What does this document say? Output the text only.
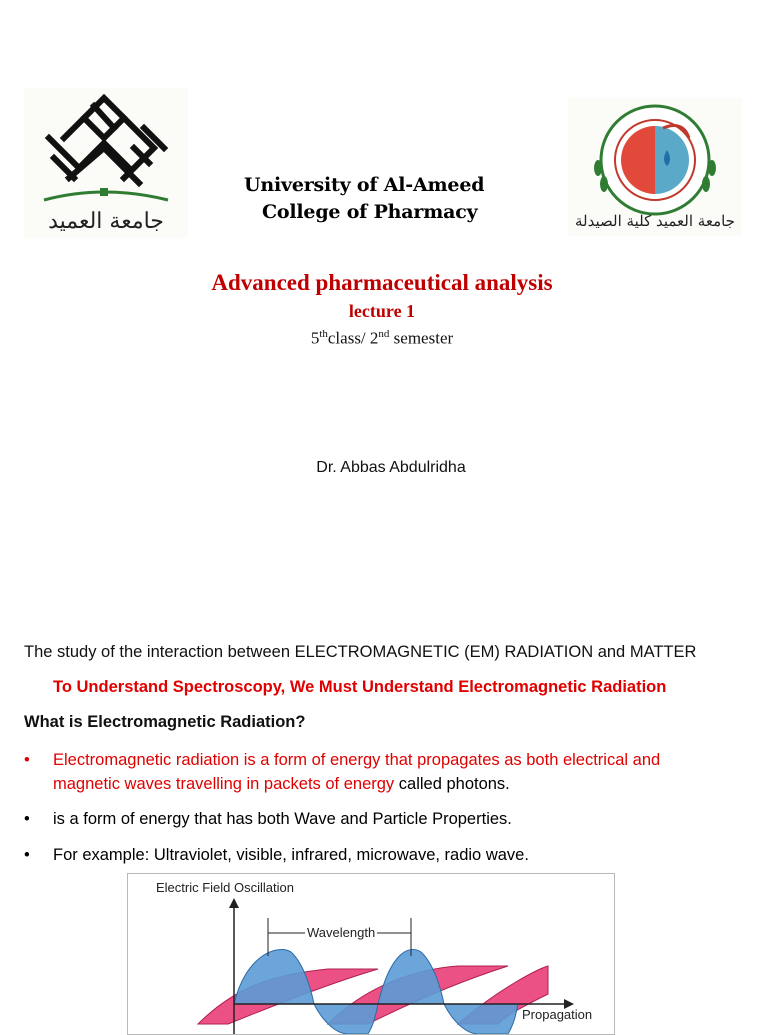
جامعة العميد	جامعة العميد كلية الصيدلة
University of Al-Ameed
College of Pharmacy
Advanced pharmaceutical analysis
lecture 1
5thclass/ 2nd semester
Dr. Abbas Abdulridha
The study of the interaction between ELECTROMAGNETIC (EM) RADIATION and MATTER
To Understand Spectroscopy, We Must Understand Electromagnetic Radiation
What is Electromagnetic Radiation?
• Electromagnetic radiation is a form of energy that propagates as both electrical and
magnetic waves travelling in packets of energy called photons.
• is a form of energy that has both Wave and Particle Properties.
• For example: Ultraviolet, visible, infrared, microwave, radio wave.
Electric Field Oscillation
Wavelength
Propagation
